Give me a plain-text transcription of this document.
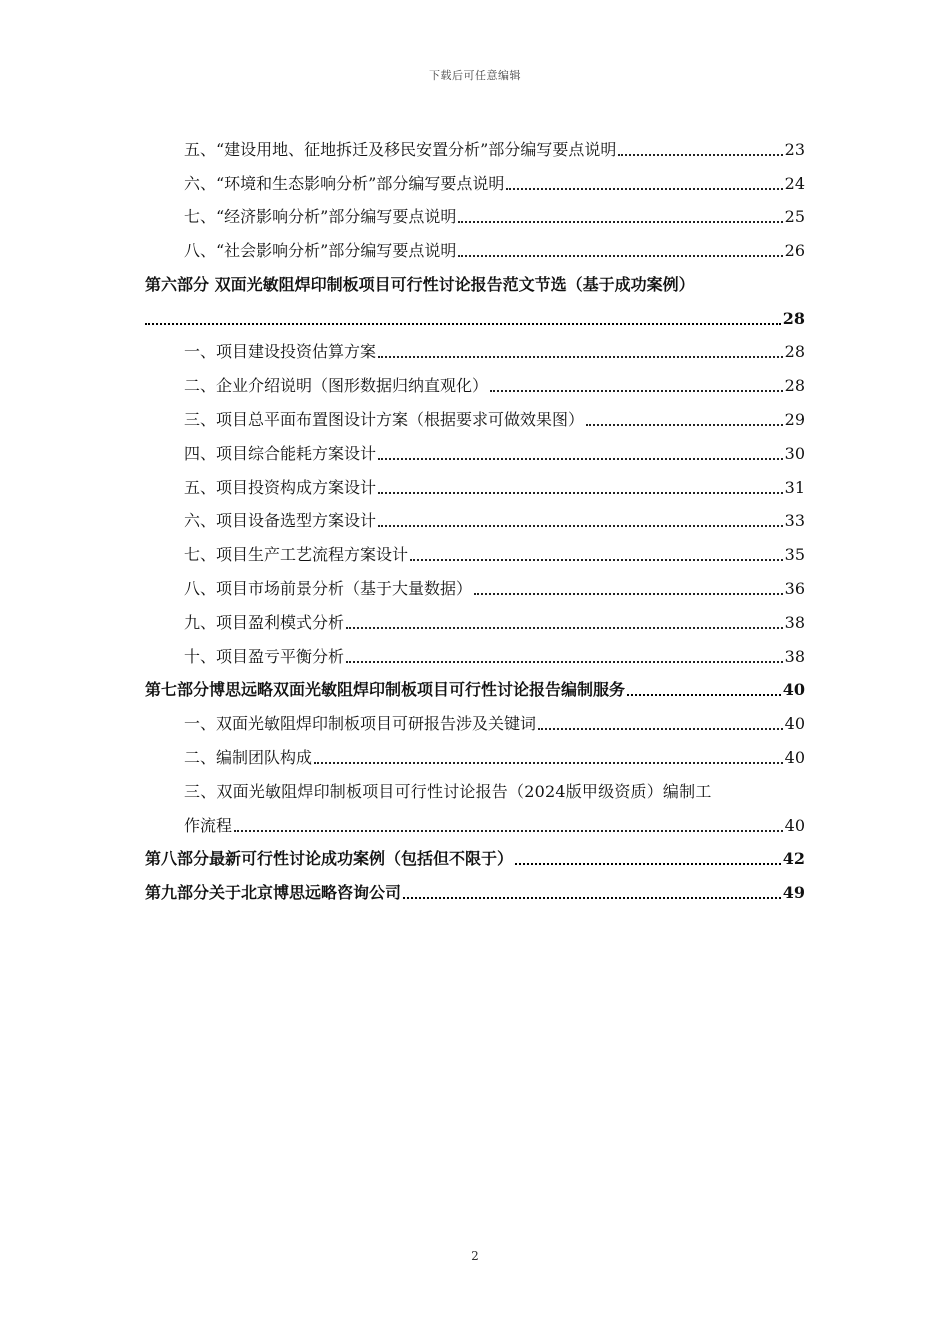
下载后可任意编辑
五、“建设用地、征地拆迁及移民安置分析”部分编写要点说明	23
六、“环境和生态影响分析”部分编写要点说明	24
七、“经济影响分析”部分编写要点说明	25
八、“社会影响分析”部分编写要点说明	26
第六部分 双面光敏阻焊印制板项目可行性讨论报告范文节选（基于成功案例）
28
一、项目建设投资估算方案	28
二、企业介绍说明（图形数据归纳直观化）	28
三、项目总平面布置图设计方案（根据要求可做效果图）	29
四、项目综合能耗方案设计	30
五、项目投资构成方案设计	31
六、项目设备选型方案设计	33
七、项目生产工艺流程方案设计	35
八、项目市场前景分析（基于大量数据）	36
九、项目盈利模式分析	38
十、项目盈亏平衡分析	38
第七部分博思远略双面光敏阻焊印制板项目可行性讨论报告编制服务	40
一、双面光敏阻焊印制板项目可研报告涉及关键词	40
二、编制团队构成	40
三、双面光敏阻焊印制板项目可行性讨论报告（2024版甲级资质）编制工
作流程	40
第八部分最新可行性讨论成功案例（包括但不限于）	42
第九部分关于北京博思远略咨询公司	49
2
